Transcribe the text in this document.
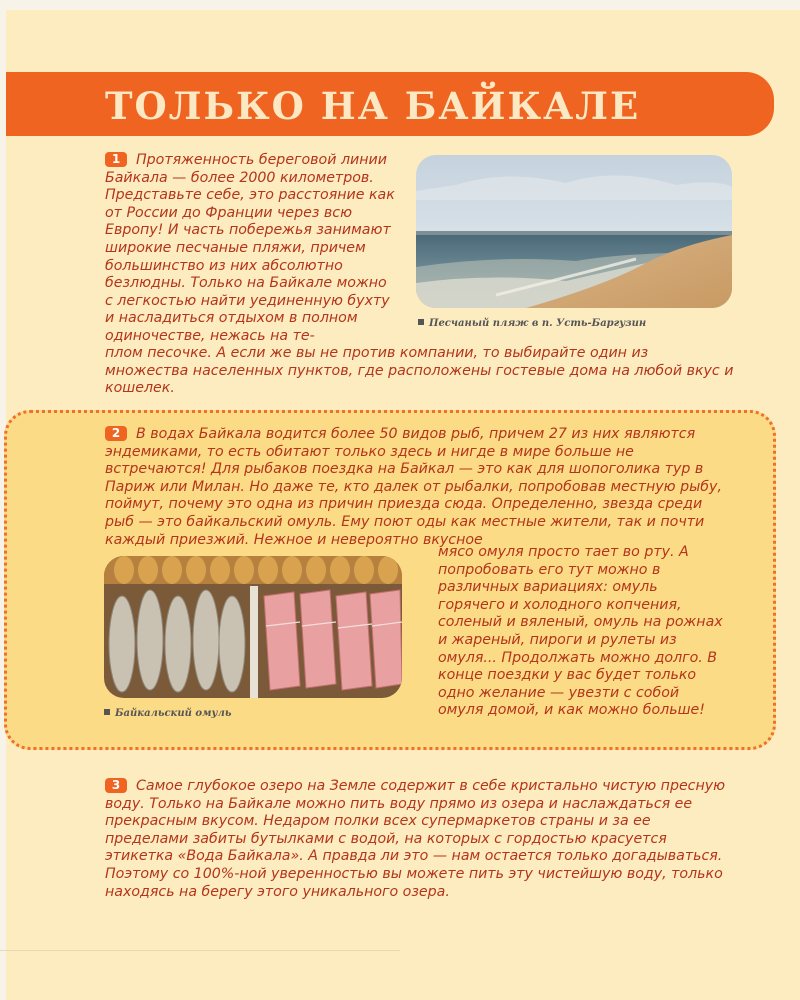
ТОЛЬКО НА БАЙКАЛЕ

1 Протяженность береговой линии Байкала — более 2000 километров. Представьте себе, это расстояние как от России до Франции через всю Европу! И часть побережья занимают широкие песчаные пляжи, причем большинство из них абсолютно безлюдны. Только на Байкале можно с легкостью найти уединенную бухту и насладиться отдыхом в полном одиночестве, нежась на те-

плом песочке. А если же вы не против компании, то выбирайте один из множества населенных пунктов, где расположены гостевые дома на любой вкус и кошелек.

Песчаный пляж в п. Усть-Баргузин

2 В водах Байкала водится более 50 видов рыб, причем 27 из них являются эндемиками, то есть обитают только здесь и нигде в мире больше не встречаются! Для рыбаков поездка на Байкал — это как для шопоголика тур в Париж или Милан. Но даже те, кто далек от рыбалки, попробовав местную рыбу, поймут, почему это одна из причин приезда сюда. Определенно, звезда среди рыб — это байкальский омуль. Ему поют оды как местные жители, так и почти каждый приезжий. Нежное и невероятно вкусное

мясо омуля просто тает во рту. А попробовать его тут можно в различных вариациях: омуль горячего и холодного копчения, соленый и вяленый, омуль на рожнах и жареный, пироги и рулеты из омуля... Продолжать можно долго. В конце поездки у вас будет только одно желание — увезти с собой омуля домой, и как можно больше!

Байкальский омуль

3 Самое глубокое озеро на Земле содержит в себе кристально чистую пресную воду. Только на Байкале можно пить воду прямо из озера и наслаждаться ее прекрасным вкусом. Недаром полки всех супермаркетов страны и за ее пределами забиты бутылками с водой, на которых с гордостью красуется этикетка «Вода Байкала». А правда ли это — нам остается только догадываться. Поэтому со 100%-ной уверенностью вы можете пить эту чистейшую воду, только находясь на берегу этого уникального озера.
